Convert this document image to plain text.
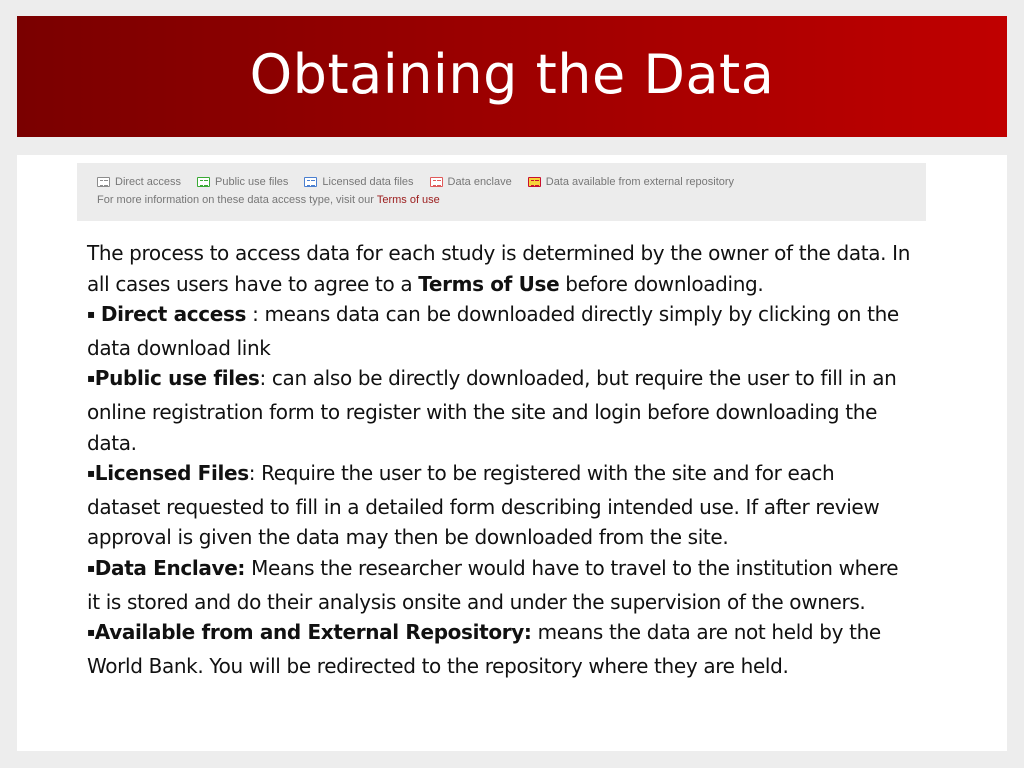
Obtaining the Data
Direct access	Public use files	Licensed data files	Data enclave	Data available from external repository
For more information on these data access type, visit our Terms of use

The process to access data for each study is determined by the owner of the data. In all cases users have to agree to a Terms of Use before downloading.

▪ Direct access : means data can be downloaded directly simply by clicking on the data download link

▪Public use files: can also be directly downloaded, but require the user to fill in an online registration form to register with the site and login before downloading the data.

▪Licensed Files: Require the user to be registered with the site and for each dataset requested to fill in a detailed form describing intended use. If after review approval is given the data may then be downloaded from the site.

▪Data Enclave: Means the researcher would have to travel to the institution where it is stored and do their analysis onsite and under the supervision of the owners.

▪Available from and External Repository: means the data are not held by the World Bank. You will be redirected to the repository where they are held.
